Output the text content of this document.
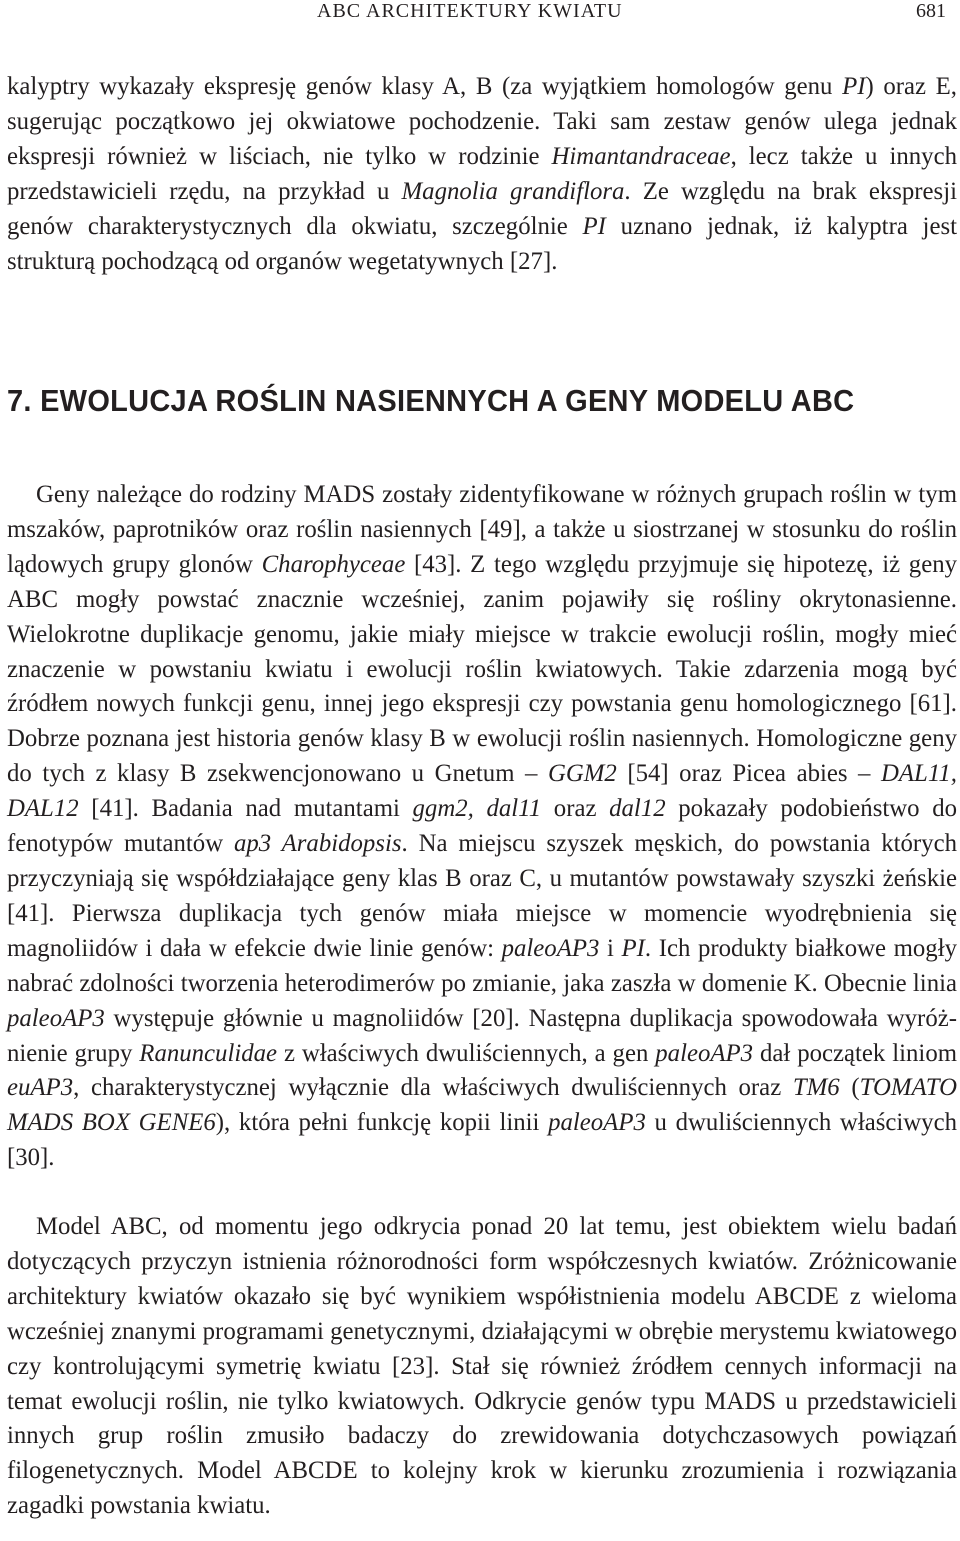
ABC ARCHITEKTURY KWIATU	681

kalyptry wykazały ekspresję genów klasy A, B (za wyjątkiem homologów genu PI) oraz E, sugerując początkowo jej okwiatowe pochodzenie. Taki sam zestaw genów ulega jednak ekspresji również w liściach, nie tylko w rodzinie Himantandraceae, lecz także u innych przedstawicieli rzędu, na przykład u Magnolia grandiflora. Ze względu na brak ekspresji genów charakterystycznych dla okwiatu, szczególnie PI uznano jednak, iż kalyptra jest strukturą pochodzącą od organów wegetatywnych [27].

7. EWOLUCJA ROŚLIN NASIENNYCH A GENY MODELU ABC

Geny należące do rodziny MADS zostały zidentyfikowane w różnych grupach roślin w tym mszaków, paprotników oraz roślin nasiennych [49], a także u siostrzanej w stosunku do roślin lądowych grupy glonów Charophyceae [43]. Z tego względu przyjmuje się hipotezę, iż geny ABC mogły powstać znacznie wcześniej, zanim pojawiły się rośliny okrytonasienne. Wielokrotne duplikacje genomu, jakie miały miejsce w trakcie ewolucji roślin, mogły mieć znaczenie w powstaniu kwiatu i ewolucji roślin kwiatowych. Takie zdarzenia mogą być źródłem nowych funkcji genu, innej jego ekspresji czy powstania genu homologicznego [61]. Dobrze poznana jest historia genów klasy B w ewolucji roślin nasiennych. Homologiczne geny do tych z klasy B zsekwencjonowano u Gnetum – GGM2 [54] oraz Picea abies – DAL11, DAL12 [41]. Badania nad mutantami ggm2, dal11 oraz dal12 pokazały podobieństwo do fenotypów mutantów ap3 Arabidopsis. Na miejscu szyszek męskich, do powstania których przyczyniają się współdziałające geny klas B oraz C, u mutantów powstawały szyszki żeńskie [41]. Pierwsza duplikacja tych genów miała miejsce w momencie wyodrębnienia się magnoliidów i dała w efekcie dwie linie genów: paleoAP3 i PI. Ich produkty białkowe mogły nabrać zdolności tworzenia heterodimerów po zmianie, jaka zaszła w domenie K. Obecnie linia paleoAP3 występuje głównie u magnoliidów [20]. Następna duplikacja spowodowała wyróżnienie grupy Ranunculidae z właściwych dwuliściennych, a gen paleoAP3 dał początek liniom euAP3, charakterystycznej wyłącznie dla właściwych dwuliściennych oraz TM6 (TOMATO MADS BOX GENE6), która pełni funkcję kopii linii paleoAP3 u dwuliściennych właściwych [30].

Model ABC, od momentu jego odkrycia ponad 20 lat temu, jest obiektem wielu badań dotyczących przyczyn istnienia różnorodności form współczesnych kwiatów. Zróżnicowanie architektury kwiatów okazało się być wynikiem współistnienia modelu ABCDE z wieloma wcześniej znanymi programami genetycznymi, działającymi w obrębie merystemu kwiatowego czy kontrolującymi symetrię kwiatu [23]. Stał się również źródłem cennych informacji na temat ewolucji roślin, nie tylko kwiatowych. Odkrycie genów typu MADS u przedstawicieli innych grup roślin zmusiło badaczy do zrewidowania dotychczasowych powiązań filogenetycznych. Model ABCDE to kolejny krok w kierunku zrozumienia i rozwiązania zagadki powstania kwiatu.
